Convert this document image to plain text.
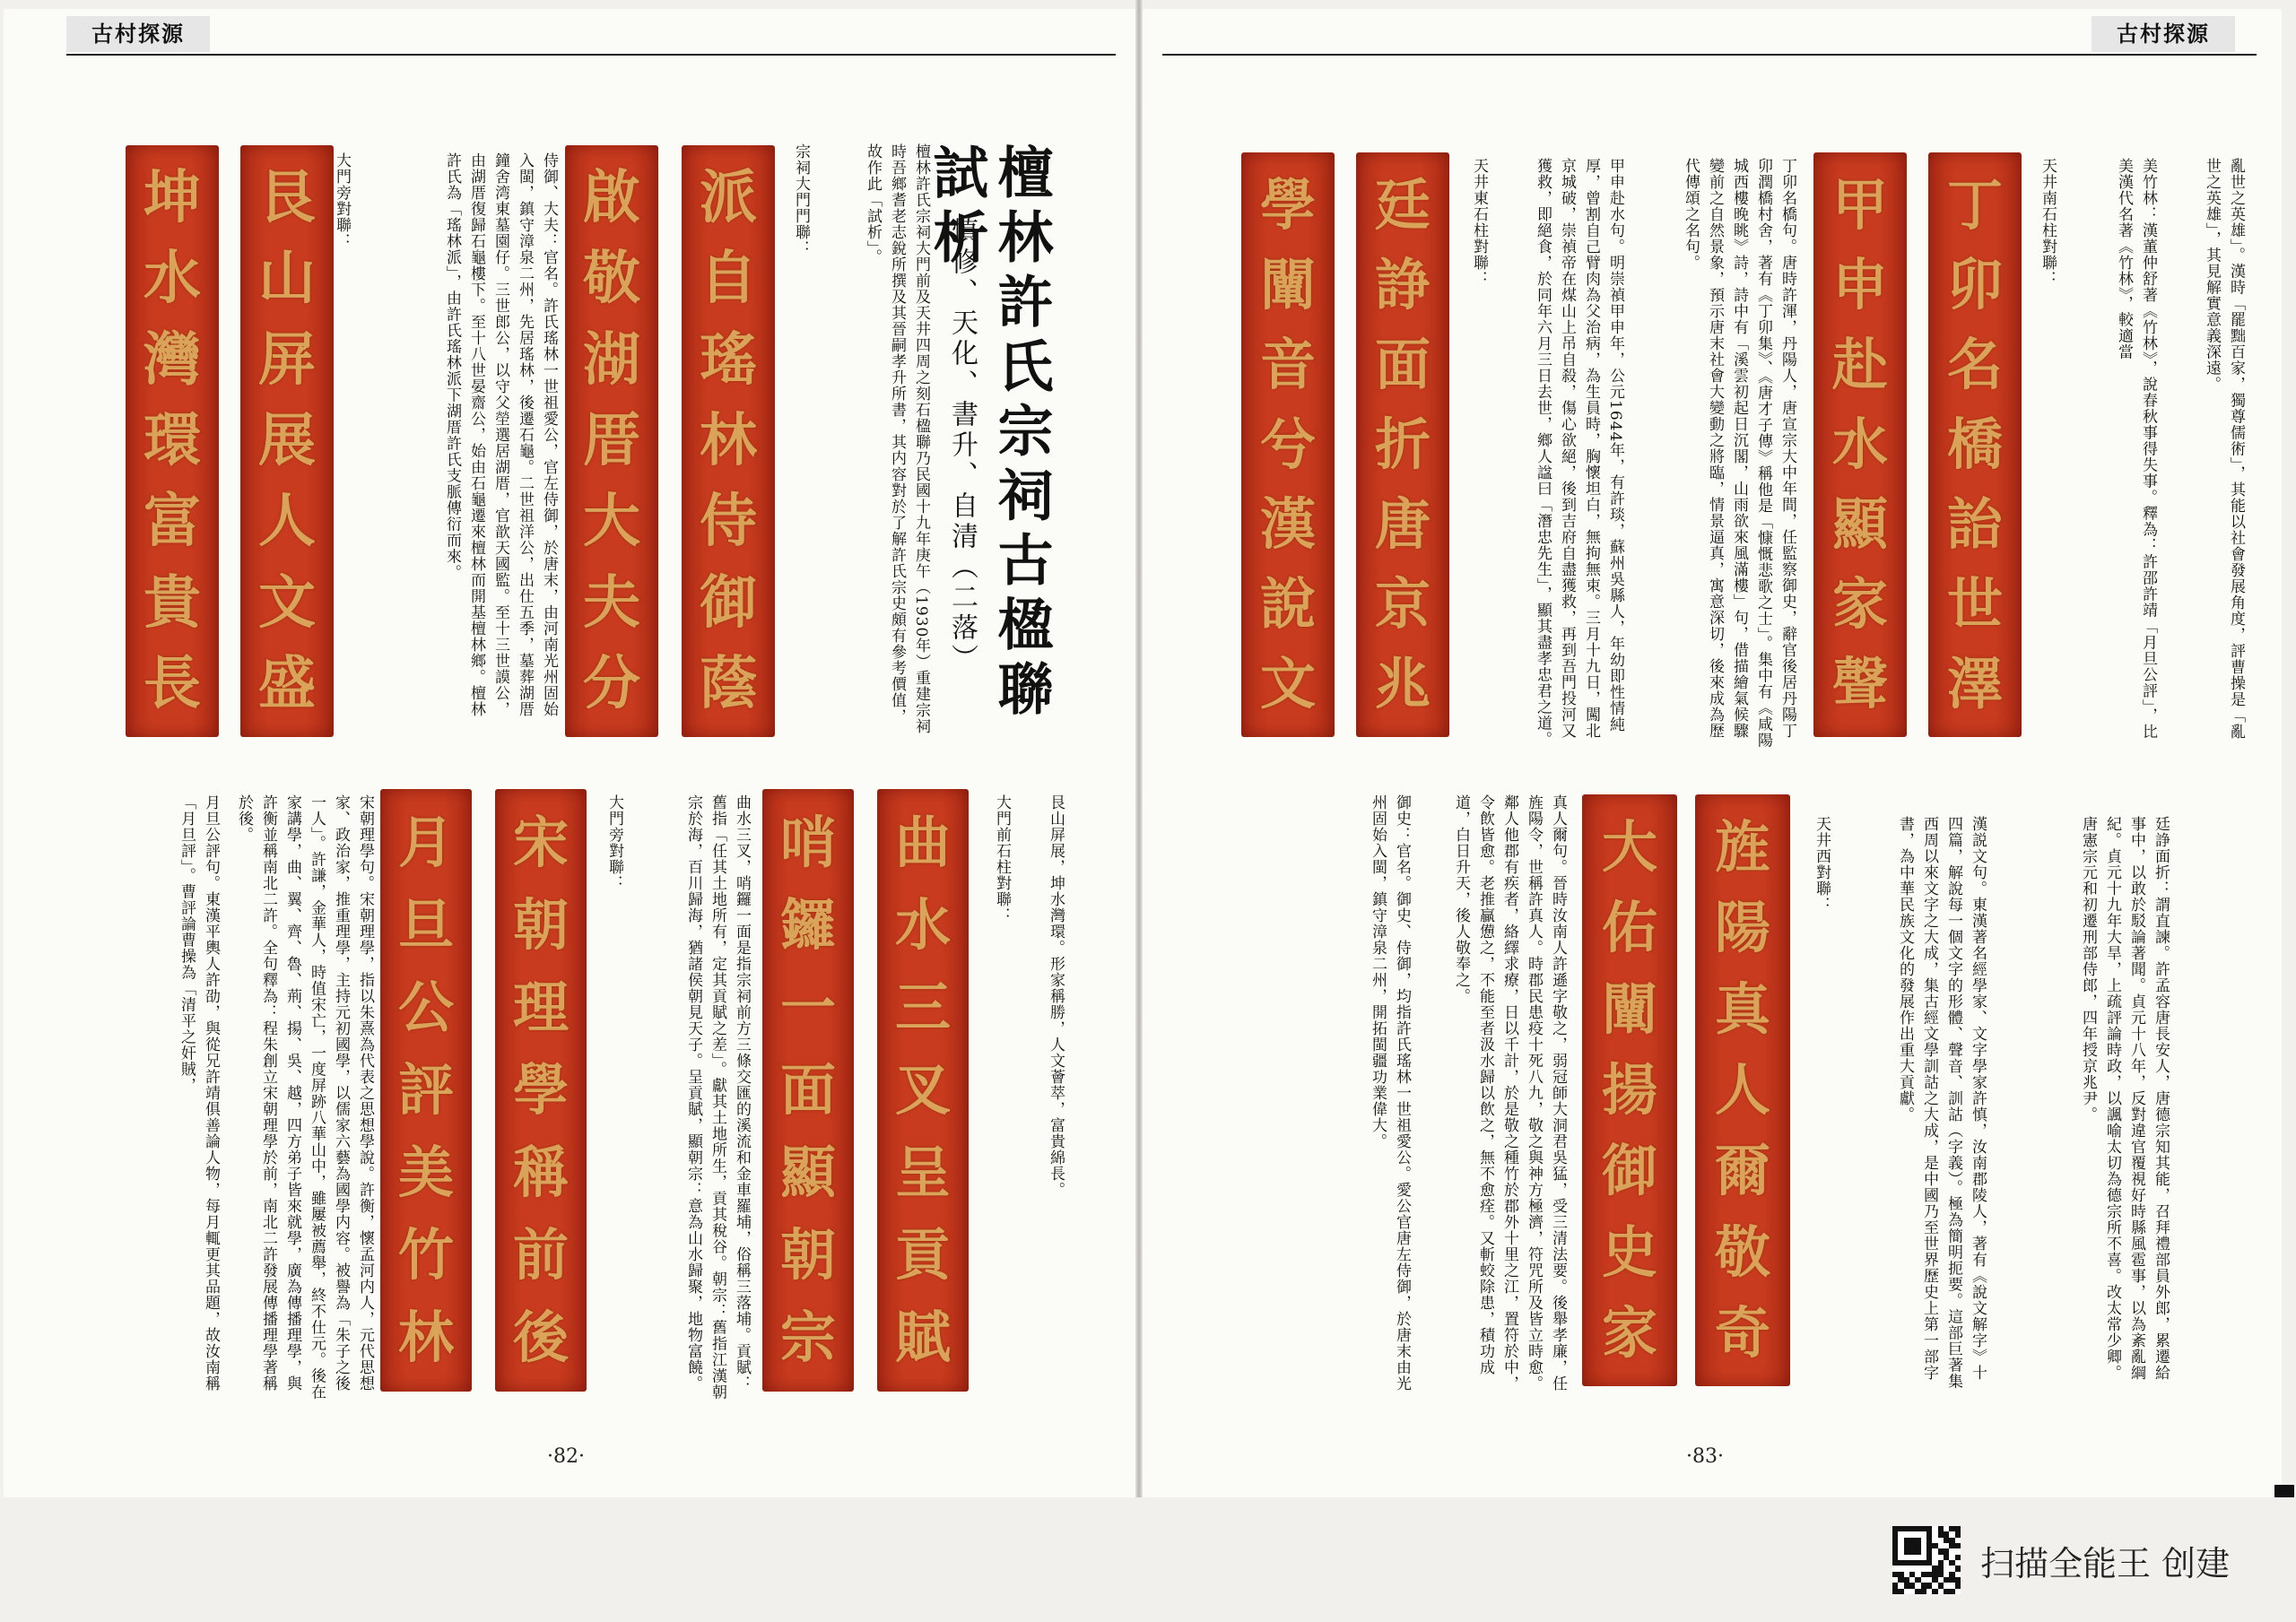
古村探源	古村探源
坤
水
灣
環
富
貴
長
艮
山
屏
展
人
文
盛	侍御、大夫：官名。許氏瑤林一世祖愛公，官左侍御，於唐末，由河南光州固始入閩，鎮守漳泉二州，先居瑤林，後遷石龜。二世祖洋公，出仕五季，墓葬湖厝鐘舍湾東墓園仔。三世郎公，以守父塋選居湖厝，官歆天國監。至十三世謨公，由湖厝復歸石龜樓下。至十八世晏齋公，始由石龜遷來檀林而開基檀林鄉。檀林許氏為「瑤林派」，由許氏瑤林派下湖厝許氏支脈傳衍而來。
大門旁對聯：	啟
敬
湖
厝
大
夫
分
派
自
瑤
林
侍
御
蔭
宗祠大門門聯：	檀林許氏宗祠大門前及天井四周之刻石楹聯乃民國十九年庚午（1930年）重建宗祠時吾鄉耆老志銳所撰及其晉嗣孝升所書，其内容對於了解許氏宗史頗有參考價值，故作此「試析」。
慎修、天化、書升、自清（二落） 檀林許氏宗祠古楹聯試析
月旦公評句。東漢平輿人許劭，與從兄許靖俱善論人物，每月輒更其品題，故汝南稱「月旦評」。曹評論曹操為「清平之奸賊，	宋朝理學句。宋朝理學，指以朱熹為代表之思想學說。許衡，懷孟河内人，元代思想家、政治家，推重理學，主持元初國學，以儒家六藝為國學内容。被譽為「朱子之後一人」。許謙，金華人，時值宋亡，一度屏跡八華山中，雖屢被薦舉，終不仕元。後在家講學，曲、翼、齊、魯、荊、揚、吳、越，四方弟子皆來就學，廣為傳播理學，與許衡並稱南北二許。全句釋為：程朱創立宋朝理學於前，南北二許發展傳播理學著稱於後。	月
旦
公
評
美
竹
林
宋
朝
理
學
稱
前
後
大門旁對聯：	曲水三叉，哨鑼一面是指宗祠前方三條交匯的溪流和金車羅埔，俗稱三落埔。貢賦：舊指「任其土地所有，定其貢賦之差」。獻其土地所生，貢其稅谷。朝宗：舊指江漢朝宗於海，百川歸海，猶諸侯朝見天子。呈貢賦，顯朝宗：意為山水歸聚，地物富饒。	哨
鑼
一
面
顯
朝
宗
曲
水
三
叉
呈
貢
賦
大門前石柱對聯：	艮山屏展，坤水灣環。形家稱勝，人文薈萃，富貴綿長。
·82·
學
闡
音
兮
漢
說
文
廷
諍
面
折
唐
京
兆
天井東石柱對聯：	甲申赴水句。明崇禎甲申年，公元1644年，有許琰，蘇州吳縣人，年幼即性情純厚，曾割自己臂肉為父治病，為生員時，胸懷坦白，無拘無束。三月十九日，闖北京城破，崇禎帝在煤山上吊自殺，傷心欲絕，後到吉府自盡獲救，再到吾門投河又獲救，即絕食，於同年六月三日去世，鄉人諡曰「潛忠先生」，顯其盡孝忠君之道。	丁卯名橋句。唐時許渾，丹陽人，唐宣宗大中年間，任監察御史，辭官後居丹陽丁卯潤橋村舍，著有《丁卯集》、《唐才子傳》稱他是「慷慨悲歌之士」。集中有《咸陽城西樓晚眺》詩，詩中有「溪雲初起日沉閣，山雨欲來風滿樓」句，借描繪氣候驟變前之自然景象，預示唐末社會大變動之將臨，情景逼真，寓意深切，後來成為歷代傳頌之名句。	甲
申
赴
水
顯
家
聲
丁
卯
名
橋
詒
世
澤
天井南石柱對聯：	美竹林：漢董仲舒著《竹林》，說春秋事得失事。釋為：許邵許靖「月旦公評」，比美漢代名著《竹林》，較適當	亂世之英雄」。漢時「罷黜百家，獨尊儒術」，其能以社會發展角度，評曹操是「亂世之英雄」，其見解實意義深遠。
御史：官名。御史、侍御，均指許氏瑤林一世祖愛公。愛公官唐左侍御，於唐末由光州固始入閩，鎮守漳泉二州，開拓閩疆功業偉大。	真人爾句。晉時汝南人許遜字敬之，弱冠師大洞君吳猛，受三清法要。後舉孝廉，任旌陽令，世稱許真人。時郡民患疫十死八九，敬之與神方極濟，符咒所及皆立時愈。鄰人他郡有疾者，絡繹求療，日以千計，於是敬之種竹於郡外十里之江，置符於中，令飲皆愈。老推贏憊之，不能至者汲水歸以飲之，無不愈痊。又斬蛟除患，積功成道，白日升天，後人敬奉之。	大
佑
闡
揚
御
史
家
旌
陽
真
人
爾
敬
奇
天井西對聯：	漢説文句。東漢著名經學家、文字學家許慎，汝南郡陵人，著有《說文解字》十四篇，解說每一個文字的形體、聲音、訓詁（字義）。極為簡明扼要。這部巨著集西周以來文字之大成，集古經文學訓詁之大成，是中國乃至世界歷史上第一部字書，為中華民族文化的發展作出重大貢獻。	廷諍面折：謂直諫。許孟容唐長安人，唐德宗知其能，召拜禮部員外郎，累遷給事中，以敢於駁論著聞。貞元十八年，反對違官覆視好時縣風雹事，以為紊亂綱紀。貞元十九年大旱，上疏評論時政，以諷喻太切為德宗所不喜。改太常少卿。唐憲宗元和初遷刑部侍郎，四年授京兆尹。
·83·
扫描全能王 创建
